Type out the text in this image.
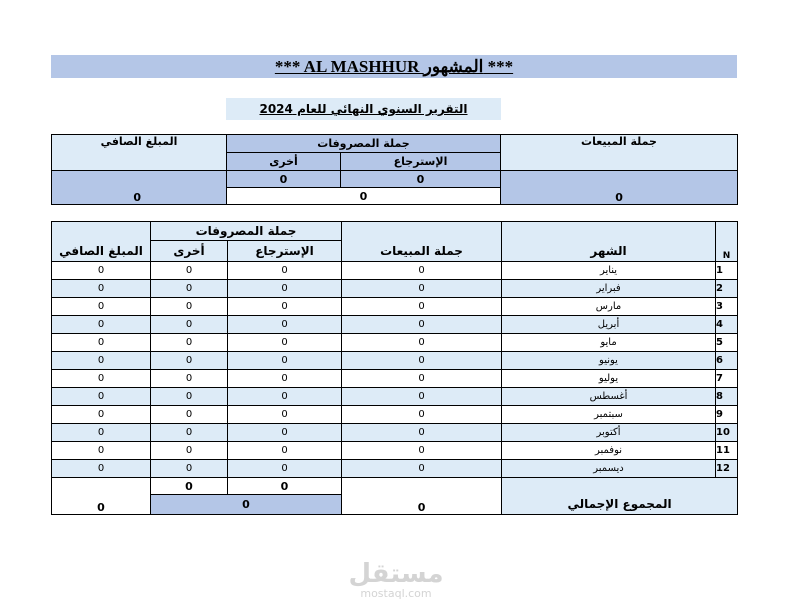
*** AL MASHHUR المشهور ***
التقرير السنوي النهائي للعام 2024
المبلغ الصافي	جملة المصروفات		جملة المبيعات
	أخرى	الإسترجاع	
0	0	0	0
	0		
	جملة المصروفات				
المبلغ الصافي	أخرى	الإسترجاع	جملة المبيعات	الشهر	N
0	0	0	0	يناير	1
0	0	0	0	فبراير	2
0	0	0	0	مارس	3
0	0	0	0	أبريل	4
0	0	0	0	مايو	5
0	0	0	0	يونيو	6
0	0	0	0	يوليو	7
0	0	0	0	أغسطس	8
0	0	0	0	سبتمبر	9
0	0	0	0	أكتوبر	10
0	0	0	0	نوفمبر	11
0	0	0	0	ديسمبر	12
0	0	0	0	المجموع الإجمالي	
	0				
مستقل
mostaql.com
